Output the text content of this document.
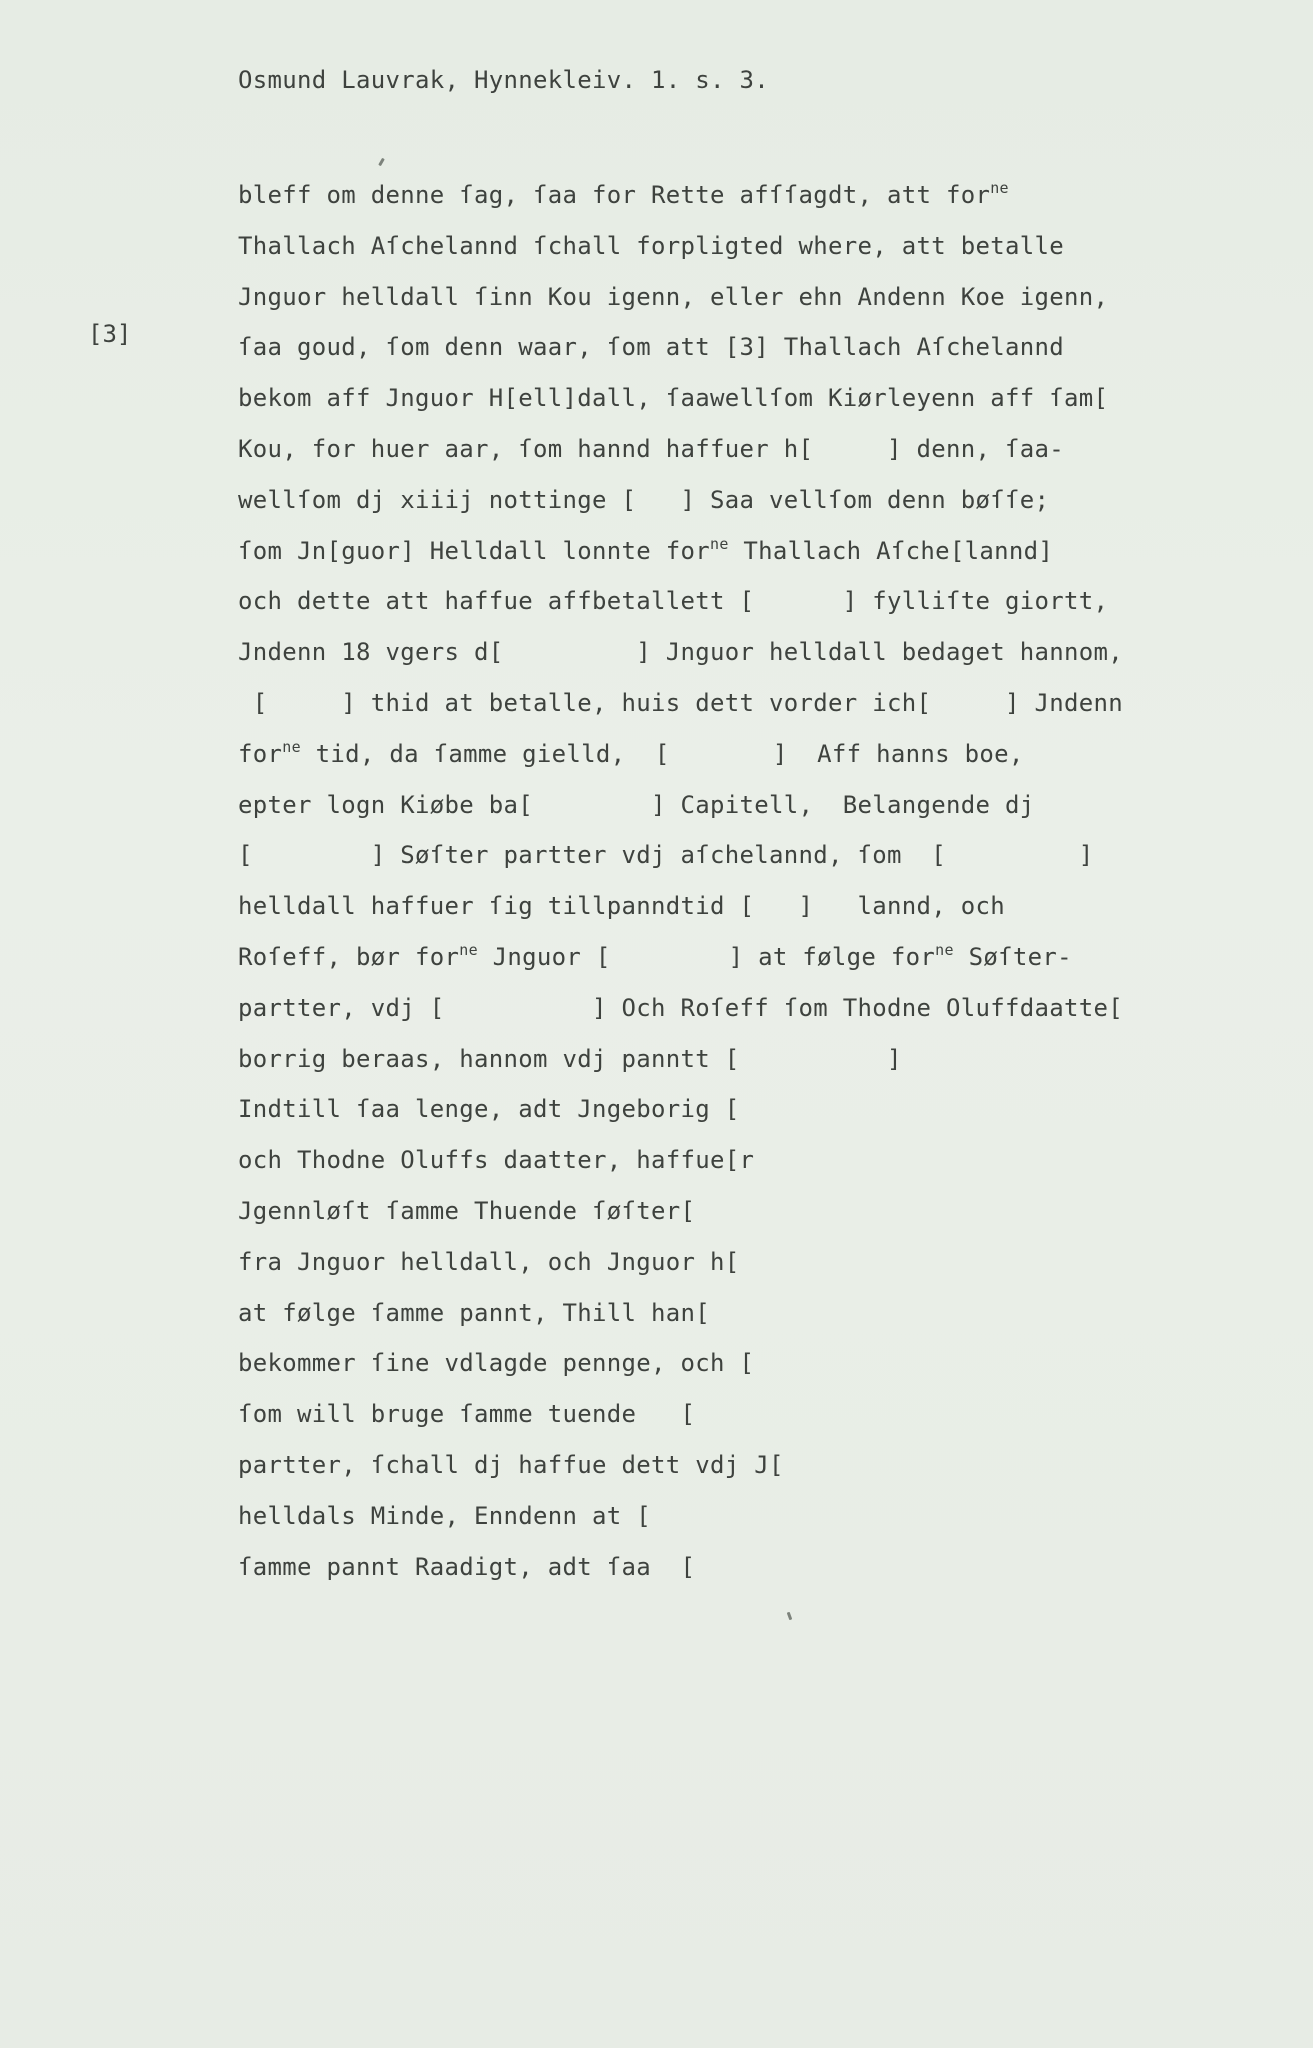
Osmund Lauvrak, Hynnekleiv. 1. s. 3.
[3]
bleff om denne ſag, ſaa for Rette afſſagdt, att for$^{ne}$
Thallach Aſchelannd ſchall forpligted where, att betalle
Jnguor helldall ſinn Kou igenn, eller ehn Andenn Koe igenn,
ſaa goud, ſom denn waar, ſom att [3] Thallach Aſchelannd
bekom aff Jnguor H[ell]dall, ſaawellſom Kiørleyenn aff ſam[
Kou, for huer aar, ſom hannd haffuer h[     ] denn, ſaa-
wellſom dj xiiij nottinge [   ] Saa vellſom denn bøſſe;
ſom Jn[guor] Helldall lonnte for$^{ne}$ Thallach Aſche[lannd]
och dette att haffue affbetallett [      ] fylliſte giortt,
Jndenn 18 vgers d[         ] Jnguor helldall bedaget hannom,
[     ] thid at betalle, huis dett vorder ich[     ] Jndenn
for$^{ne}$ tid, da ſamme gielld,  [       ]  Aff hanns boe,
epter logn Kiøbe ba[        ] Capitell,  Belangende dj
[        ] Søſter partter vdj aſchelannd, ſom  [         ]
helldall haffuer ſig tillpanndtid [   ]   lannd, och
Roſeff, bør for$^{ne}$ Jnguor [        ] at følge for$^{ne}$ Søſter-
partter, vdj [          ] Och Roſeff ſom Thodne Oluffdaatte[
borrig beraas, hannom vdj panntt [          ]
Indtill ſaa lenge, adt Jngeborig [
och Thodne Oluffs daatter, haffue[r
Jgennløſt ſamme Thuende ſøſter[
fra Jnguor helldall, och Jnguor h[
at følge ſamme pannt, Thill han[
bekommer ſine vdlagde pennge, och [
ſom will bruge ſamme tuende   [
partter, ſchall dj haffue dett vdj J[
helldals Minde, Enndenn at [
ſamme pannt Raadigt, adt ſaa  [
